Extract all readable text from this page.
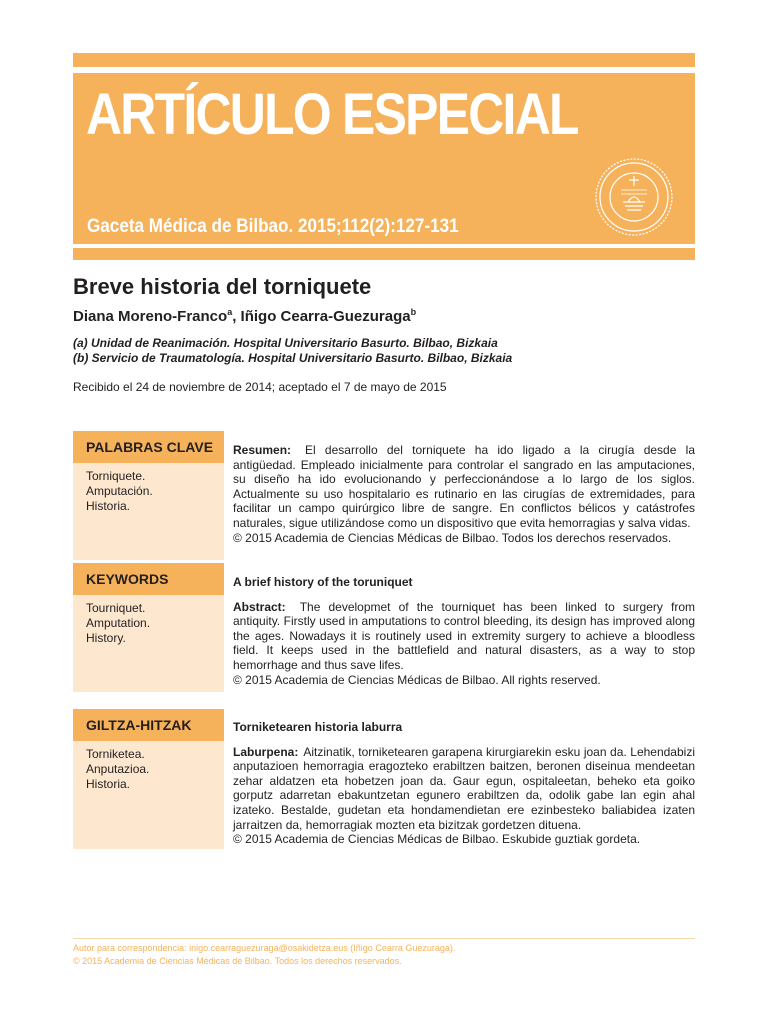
ARTÍCULO ESPECIAL
Gaceta Médica de Bilbao. 2015;112(2):127-131
Breve historia del torniquete
Diana Moreno-Franco$^a$, Iñigo Cearra-Guezuraga$^b$
(a) Unidad de Reanimación. Hospital Universitario Basurto. Bilbao, Bizkaia
(b) Servicio de Traumatología. Hospital Universitario Basurto. Bilbao, Bizkaia
Recibido el 24 de noviembre de 2014; aceptado el 7 de mayo de 2015
PALABRAS CLAVE
Torniquete.
Amputación.
Historia.
KEYWORDS
Tourniquet.
Amputation.
History.
GILTZA-HITZAK
Torniketea.
Anputazioa.
Historia.

Resumen: El desarrollo del torniquete ha ido ligado a la cirugía desde la antigüedad. Empleado inicialmente para controlar el sangrado en las amputaciones, su diseño ha ido evolucionando y perfeccionándose a lo largo de los siglos. Actualmente su uso hospitalario es rutinario en las cirugías de extremidades, para facilitar un campo quirúrgico libre de sangre. En conflictos bélicos y catástrofes naturales, sigue utilizándose como un dispositivo que evita hemorragias y salva vidas.

© 2015 Academia de Ciencias Médicas de Bilbao. Todos los derechos reservados.

A brief history of the toruniquet

Abstract: The developmet of the tourniquet has been linked to surgery from antiquity. Firstly used in amputations to control bleeding, its design has improved along the ages. Nowadays it is routinely used in extremity surgery to achieve a bloodless field. It keeps used in the battlefield and natural disasters, as a way to stop hemorrhage and thus save lifes.

© 2015 Academia de Ciencias Médicas de Bilbao. All rights reserved.

Torniketearen historia laburra

Laburpena: Aitzinatik, torniketearen garapena kirurgiarekin esku joan da. Lehendabizi anputazioen hemorragia eragozteko erabiltzen baitzen, beronen diseinua mendeetan zehar aldatzen eta hobetzen joan da. Gaur egun, ospitaleetan, beheko eta goiko gorputz adarretan ebakuntzetan egunero erabiltzen da, odolik gabe lan egin ahal izateko. Bestalde, gudetan eta hondamendietan ere ezinbesteko baliabidea izaten jarraitzen da, hemorragiak mozten eta bizitzak gordetzen dituena.

© 2015 Academia de Ciencias Médicas de Bilbao. Eskubide guztiak gordeta.

Autor para correspondencia: inigo.cearraguezuraga@osakidetza.eus (Iñigo Cearra Guezuraga).
© 2015 Academia de Ciencias Médicas de Bilbao. Todos los derechos reservados.
